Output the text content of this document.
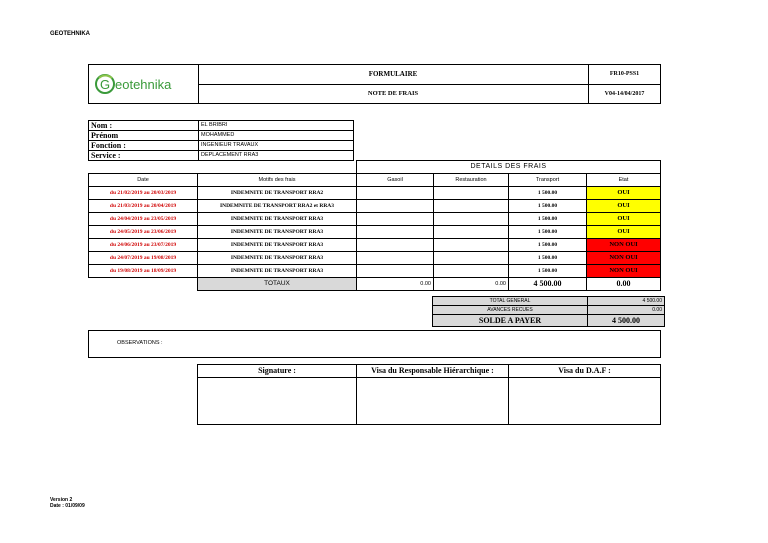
GEOTEHNIKA
G eotehnika
FORMULAIRE
NOTE DE FRAIS
FR10-PSS1
V04-14/04/2017
Nom :	EL BRIBRI
Prénom	MOHAMMED
Fonction :	INGENIEUR TRAVAUX
Service :	DEPLACEMENT RRA3
		DETAILS DES FRAIS			
Date	Motifs des frais	Gasoil	Restauration	Transport	Etat
du 21/02/2019 au 20/03/2019	INDEMNITE DE TRANSPORT RRA2			1 500.00	OUI
du 21/03/2019 au 20/04/2019	INDEMNITE DE TRANSPORT RRA2 et RRA3			1 500.00	OUI
du 24/04/2019 au 23/05/2019	INDEMNITE DE TRANSPORT RRA3			1 500.00	OUI
du 24/05/2019 au 23/06/2019	INDEMNITE DE TRANSPORT RRA3			1 500.00	OUI
du 24/06/2019 au 23/07/2019	INDEMNITE DE TRANSPORT RRA3			1 500.00	NON OUI
du 24/07/2019 au 19/08/2019	INDEMNITE DE TRANSPORT RRA3			1 500.00	NON OUI
du 19/08/2019 au 18/09/2019	INDEMNITE DE TRANSPORT RRA3			1 500.00	NON OUI
	TOTAUX	0.00	0.00	4 500.00	0.00
TOTAL GENERAL	4 500.00
AVANCES RECUES	0.00
SOLDE A PAYER	4 500.00
OBSERVATIONS :
Signature :	Visa du Responsable Hiérarchique :	Visa du D.A.F :

Version 2
Date : 01/09/09
